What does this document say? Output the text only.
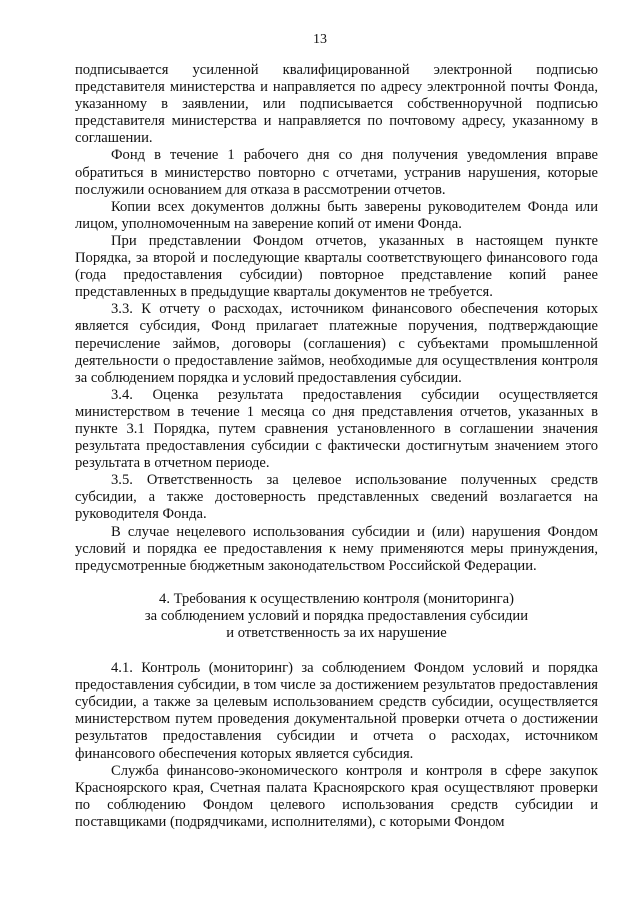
13

подписывается усиленной квалифицированной электронной подписью представителя министерства и направляется по адресу электронной почты Фонда, указанному в заявлении, или подписывается собственноручной подписью представителя министерства и направляется по почтовому адресу, указанному в соглашении.

Фонд в течение 1 рабочего дня со дня получения уведомления вправе обратиться в министерство повторно с отчетами, устранив нарушения, которые послужили основанием для отказа в рассмотрении отчетов.

Копии всех документов должны быть заверены руководителем Фонда или лицом, уполномоченным на заверение копий от имени Фонда.

При представлении Фондом отчетов, указанных в настоящем пункте Порядка, за второй и последующие кварталы соответствующего финансового года (года предоставления субсидии) повторное представление копий ранее представленных в предыдущие кварталы документов не требуется.

3.3. К отчету о расходах, источником финансового обеспечения которых является субсидия, Фонд прилагает платежные поручения, подтверждающие перечисление займов, договоры (соглашения) с субъектами промышленной деятельности о предоставление займов, необходимые для осуществления контроля за соблюдением порядка и условий предоставления субсидии.

3.4. Оценка результата предоставления субсидии осуществляется министерством в течение 1 месяца со дня представления отчетов, указанных в пункте 3.1 Порядка, путем сравнения установленного в соглашении значения результата предоставления субсидии с фактически достигнутым значением этого результата в отчетном периоде.

3.5. Ответственность за целевое использование полученных средств субсидии, а также достоверность представленных сведений возлагается на руководителя Фонда.

В случае нецелевого использования субсидии и (или) нарушения Фондом условий и порядка ее предоставления к нему применяются меры принуждения, предусмотренные бюджетным законодательством Российской Федерации.

4. Требования к осуществлению контроля (мониторинга)
за соблюдением условий и порядка предоставления субсидии
и ответственность за их нарушение

4.1. Контроль (мониторинг) за соблюдением Фондом условий и порядка предоставления субсидии, в том числе за достижением результатов предоставления субсидии, а также за целевым использованием средств субсидии, осуществляется министерством путем проведения документальной проверки отчета о достижении результатов предоставления субсидии и отчета о расходах, источником финансового обеспечения которых является субсидия.

Служба финансово-экономического контроля и контроля в сфере закупок Красноярского края, Счетная палата Красноярского края осуществляют проверки по соблюдению Фондом целевого использования средств субсидии и поставщиками (подрядчиками, исполнителями), с которыми Фондом
